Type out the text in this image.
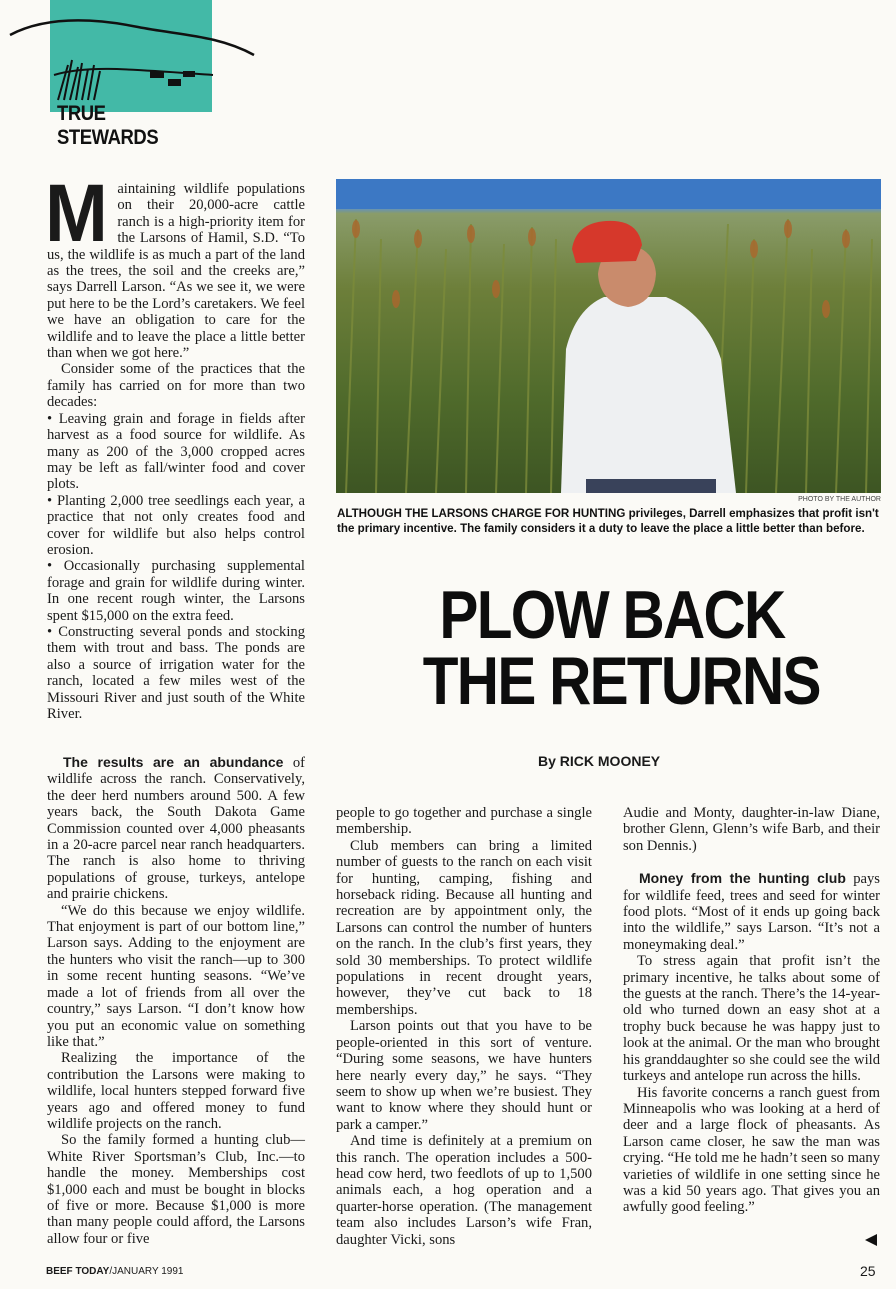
TRUE STEWARDS

Maintaining wildlife populations on their 20,000-acre cattle ranch is a high-priority item for the Larsons of Hamil, S.D. “To us, the wildlife is as much a part of the land as the trees, the soil and the creeks are,” says Darrell Larson. “As we see it, we were put here to be the Lord’s caretakers. We feel we have an obligation to care for the wildlife and to leave the place a little better than when we got here.”

Consider some of the practices that the family has carried on for more than two decades:

• Leaving grain and forage in fields after harvest as a food source for wildlife. As many as 200 of the 3,000 cropped acres may be left as fall/winter food and cover plots.

• Planting 2,000 tree seedlings each year, a practice that not only creates food and cover for wildlife but also helps control erosion.

• Occasionally purchasing supplemental forage and grain for wildlife during winter. In one recent rough winter, the Larsons spent $15,000 on the extra feed.

• Constructing several ponds and stocking them with trout and bass. The ponds are also a source of irrigation water for the ranch, located a few miles west of the Missouri River and just south of the White River.

The results are an abundance of wildlife across the ranch. Conservatively, the deer herd numbers around 500. A few years back, the South Dakota Game Commission counted over 4,000 pheasants in a 20-acre parcel near ranch headquarters. The ranch is also home to thriving populations of grouse, turkeys, antelope and prairie chickens.

“We do this because we enjoy wildlife. That enjoyment is part of our bottom line,” Larson says. Adding to the enjoyment are the hunters who visit the ranch—up to 300 in some recent hunting seasons. “We’ve made a lot of friends from all over the country,” says Larson. “I don’t know how you put an economic value on something like that.”

Realizing the importance of the contribution the Larsons were making to wildlife, local hunters stepped forward five years ago and offered money to fund wildlife projects on the ranch.

So the family formed a hunting club—White River Sportsman’s Club, Inc.—to handle the money. Memberships cost $1,000 each and must be bought in blocks of five or more. Because $1,000 is more than many people could afford, the Larsons allow four or five

PHOTO BY THE AUTHOR
ALTHOUGH THE LARSONS CHARGE FOR HUNTING privileges, Darrell emphasizes that profit isn't the primary incentive. The family considers it a duty to leave the place a little better than before.
PLOW BACK
THE RETURNS
By RICK MOONEY

people to go together and purchase a single membership.

Club members can bring a limited number of guests to the ranch on each visit for hunting, camping, fishing and horseback riding. Because all hunting and recreation are by appointment only, the Larsons can control the number of hunters on the ranch. In the club’s first years, they sold 30 memberships. To protect wildlife populations in recent drought years, however, they’ve cut back to 18 memberships.

Larson points out that you have to be people-oriented in this sort of venture. “During some seasons, we have hunters here nearly every day,” he says. “They seem to show up when we’re busiest. They want to know where they should hunt or park a camper.”

And time is definitely at a premium on this ranch. The operation includes a 500-head cow herd, two feedlots of up to 1,500 animals each, a hog operation and a quarter-horse operation. (The management team also includes Larson’s wife Fran, daughter Vicki, sons

Audie and Monty, daughter-in-law Diane, brother Glenn, Glenn’s wife Barb, and their son Dennis.)

Money from the hunting club pays for wildlife feed, trees and seed for winter food plots. “Most of it ends up going back into the wildlife,” says Larson. “It’s not a moneymaking deal.”

To stress again that profit isn’t the primary incentive, he talks about some of the guests at the ranch. There’s the 14-year-old who turned down an easy shot at a trophy buck because he was happy just to look at the animal. Or the man who brought his granddaughter so she could see the wild turkeys and antelope run across the hills.

His favorite concerns a ranch guest from Minneapolis who was looking at a herd of deer and a large flock of pheasants. As Larson came closer, he saw the man was crying. “He told me he hadn’t seen so many varieties of wildlife in one setting since he was a kid 50 years ago. That gives you an awfully good feeling.”

BEEF TODAY/JANUARY 1991	25
